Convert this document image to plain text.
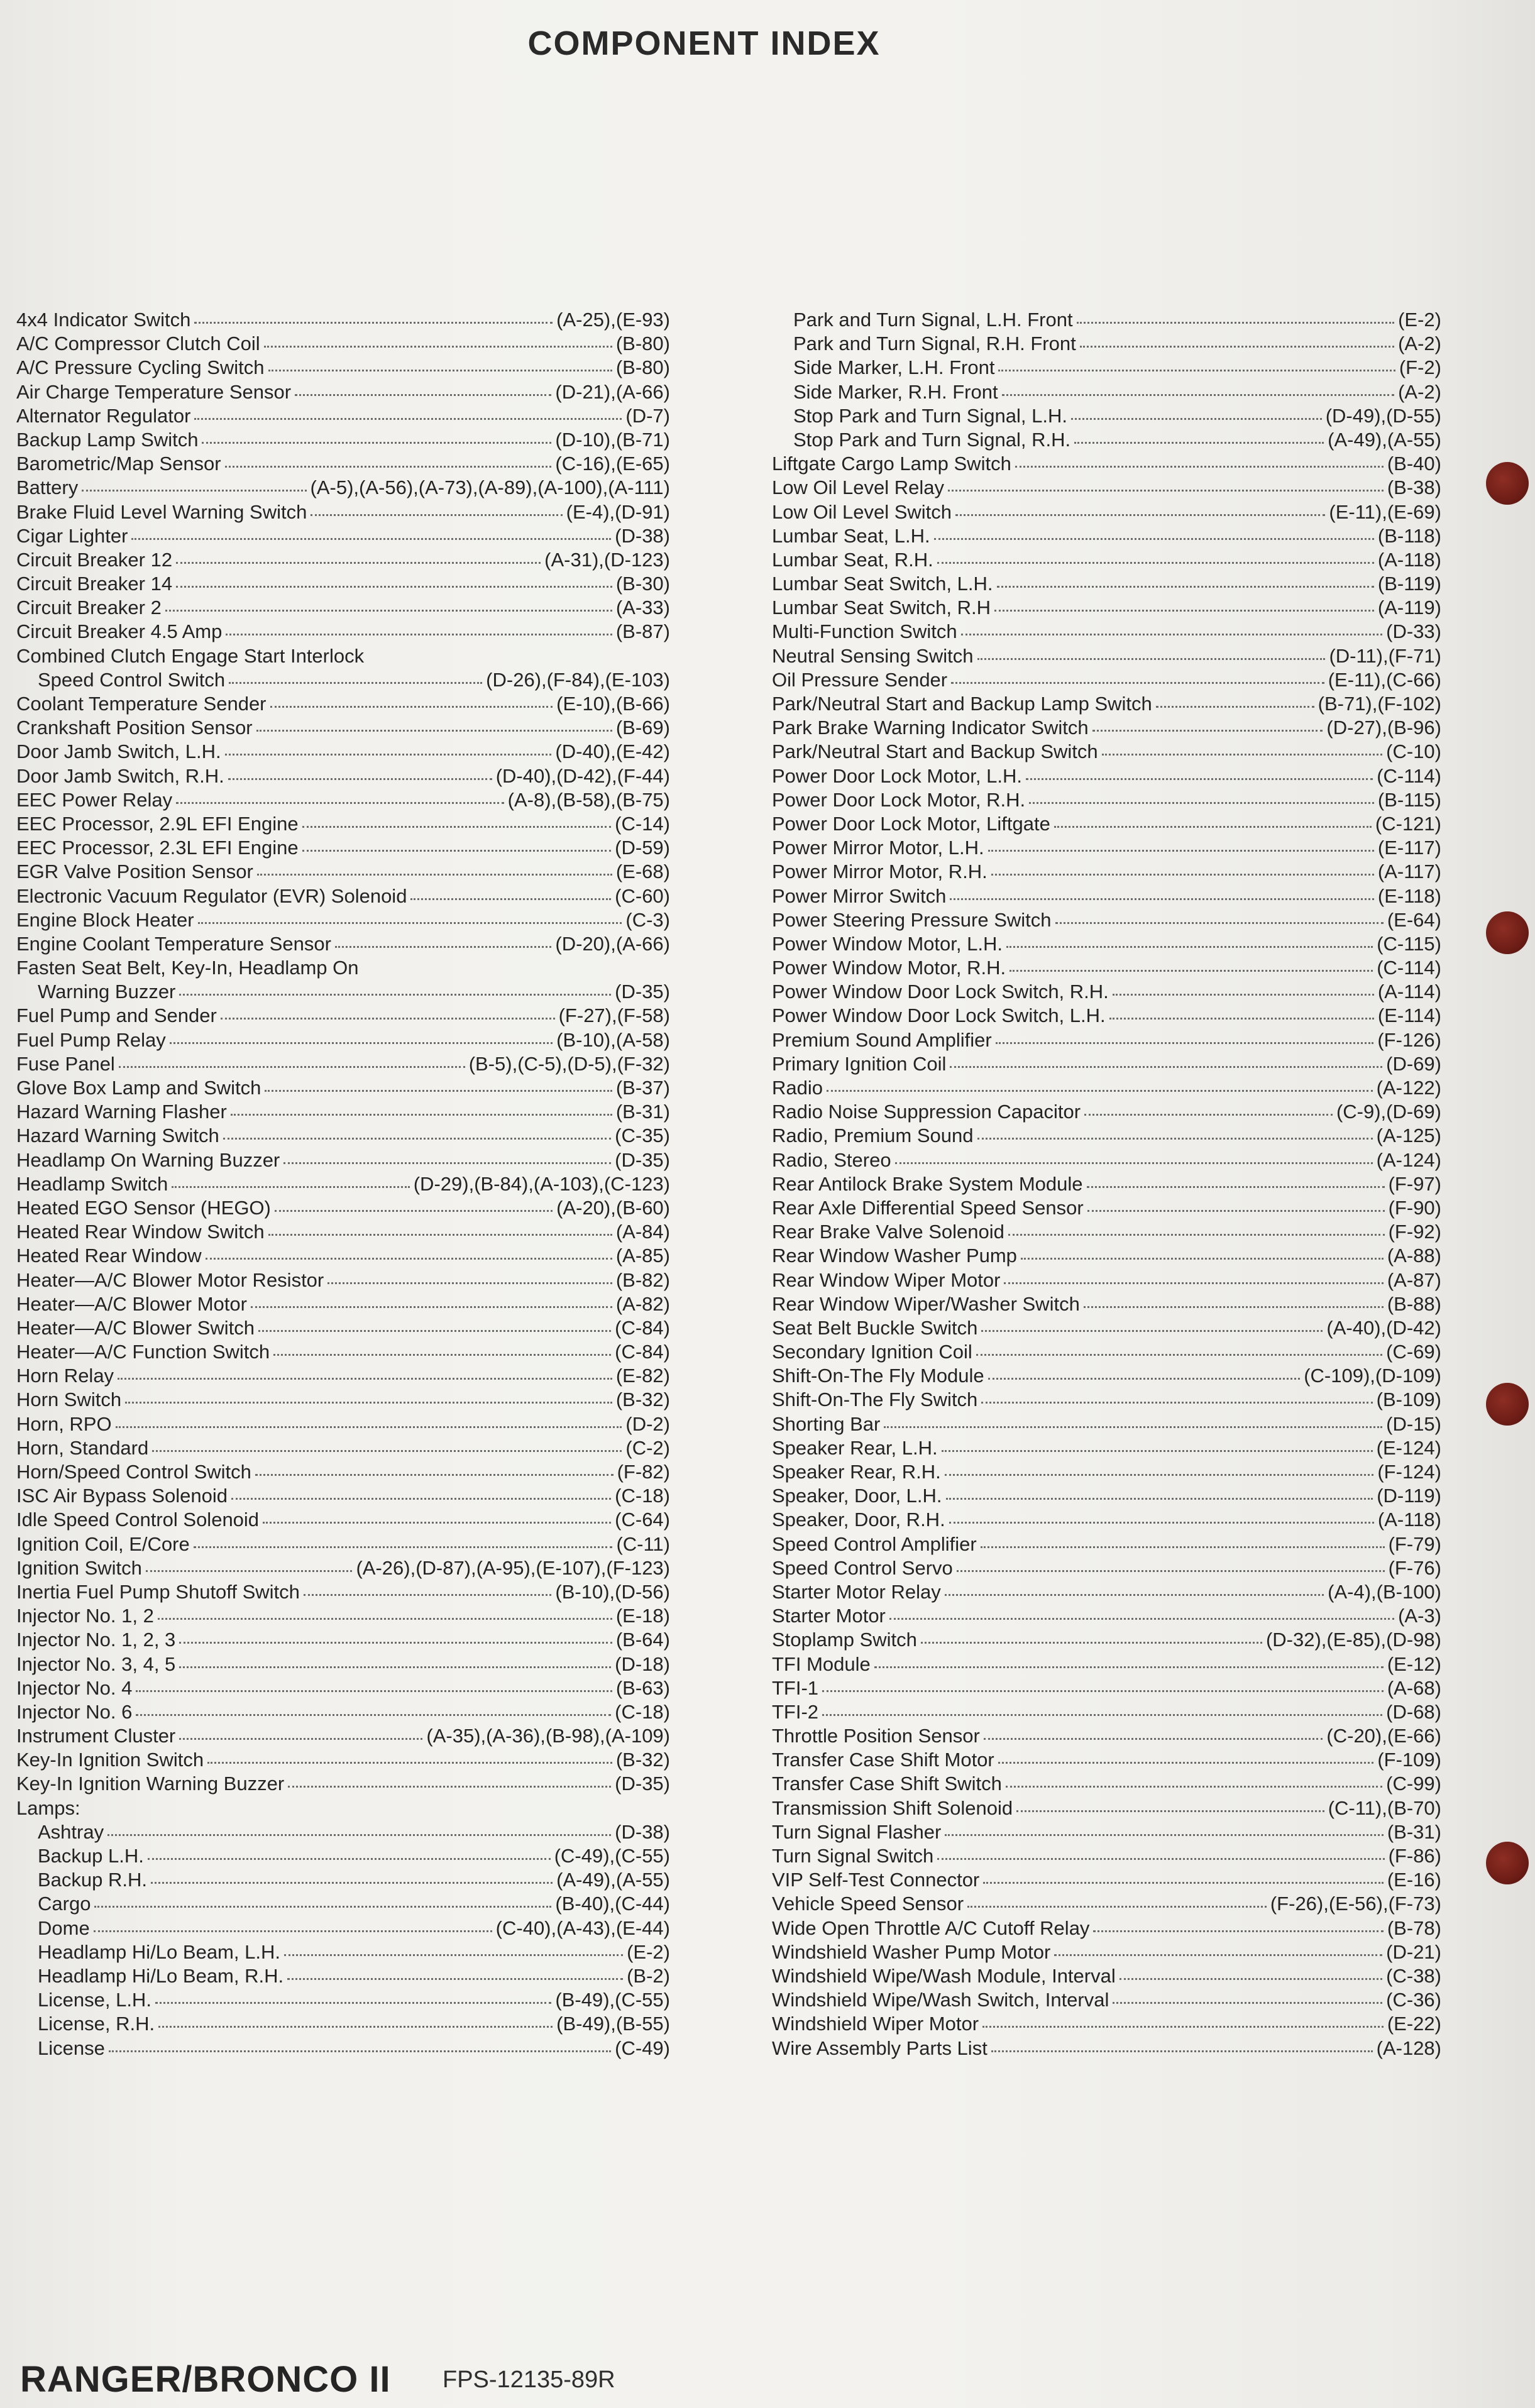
COMPONENT INDEX
4x4 Indicator Switch	(A-25),(E-93)
A/C Compressor Clutch Coil	(B-80)
A/C Pressure Cycling Switch	(B-80)
Air Charge Temperature Sensor	(D-21),(A-66)
Alternator Regulator	(D-7)
Backup Lamp Switch	(D-10),(B-71)
Barometric/Map Sensor	(C-16),(E-65)
Battery	(A-5),(A-56),(A-73),(A-89),(A-100),(A-111)
Brake Fluid Level Warning Switch	(E-4),(D-91)
Cigar Lighter	(D-38)
Circuit Breaker 12	(A-31),(D-123)
Circuit Breaker 14	(B-30)
Circuit Breaker 2	(A-33)
Circuit Breaker 4.5 Amp	(B-87)
Combined Clutch Engage Start Interlock
Speed Control Switch	(D-26),(F-84),(E-103)
Coolant Temperature Sender	(E-10),(B-66)
Crankshaft Position Sensor	(B-69)
Door Jamb Switch, L.H.	(D-40),(E-42)
Door Jamb Switch, R.H.	(D-40),(D-42),(F-44)
EEC Power Relay	(A-8),(B-58),(B-75)
EEC Processor, 2.9L EFI Engine	(C-14)
EEC Processor, 2.3L EFI Engine	(D-59)
EGR Valve Position Sensor	(E-68)
Electronic Vacuum Regulator (EVR) Solenoid	(C-60)
Engine Block Heater	(C-3)
Engine Coolant Temperature Sensor	(D-20),(A-66)
Fasten Seat Belt, Key-In, Headlamp On
Warning Buzzer	(D-35)
Fuel Pump and Sender	(F-27),(F-58)
Fuel Pump Relay	(B-10),(A-58)
Fuse Panel	(B-5),(C-5),(D-5),(F-32)
Glove Box Lamp and Switch	(B-37)
Hazard Warning Flasher	(B-31)
Hazard Warning Switch	(C-35)
Headlamp On Warning Buzzer	(D-35)
Headlamp Switch	(D-29),(B-84),(A-103),(C-123)
Heated EGO Sensor (HEGO)	(A-20),(B-60)
Heated Rear Window Switch	(A-84)
Heated Rear Window	(A-85)
Heater—A/C Blower Motor Resistor	(B-82)
Heater—A/C Blower Motor	(A-82)
Heater—A/C Blower Switch	(C-84)
Heater—A/C Function Switch	(C-84)
Horn Relay	(E-82)
Horn Switch	(B-32)
Horn, RPO	(D-2)
Horn, Standard	(C-2)
Horn/Speed Control Switch	(F-82)
ISC Air Bypass Solenoid	(C-18)
Idle Speed Control Solenoid	(C-64)
Ignition Coil, E/Core	(C-11)
Ignition Switch	(A-26),(D-87),(A-95),(E-107),(F-123)
Inertia Fuel Pump Shutoff Switch	(B-10),(D-56)
Injector No. 1, 2	(E-18)
Injector No. 1, 2, 3	(B-64)
Injector No. 3, 4, 5	(D-18)
Injector No. 4	(B-63)
Injector No. 6	(C-18)
Instrument Cluster	(A-35),(A-36),(B-98),(A-109)
Key-In Ignition Switch	(B-32)
Key-In Ignition Warning Buzzer	(D-35)
Lamps:
Ashtray	(D-38)
Backup L.H.	(C-49),(C-55)
Backup R.H.	(A-49),(A-55)
Cargo	(B-40),(C-44)
Dome	(C-40),(A-43),(E-44)
Headlamp Hi/Lo Beam, L.H.	(E-2)
Headlamp Hi/Lo Beam, R.H.	(B-2)
License, L.H.	(B-49),(C-55)
License, R.H.	(B-49),(B-55)
License	(C-49)
Park and Turn Signal, L.H. Front	(E-2)
Park and Turn Signal, R.H. Front	(A-2)
Side Marker, L.H. Front	(F-2)
Side Marker, R.H. Front	(A-2)
Stop Park and Turn Signal, L.H.	(D-49),(D-55)
Stop Park and Turn Signal, R.H.	(A-49),(A-55)
Liftgate Cargo Lamp Switch	(B-40)
Low Oil Level Relay	(B-38)
Low Oil Level Switch	(E-11),(E-69)
Lumbar Seat, L.H.	(B-118)
Lumbar Seat, R.H.	(A-118)
Lumbar Seat Switch, L.H.	(B-119)
Lumbar Seat Switch, R.H	(A-119)
Multi-Function Switch	(D-33)
Neutral Sensing Switch	(D-11),(F-71)
Oil Pressure Sender	(E-11),(C-66)
Park/Neutral Start and Backup Lamp Switch	(B-71),(F-102)
Park Brake Warning Indicator Switch	(D-27),(B-96)
Park/Neutral Start and Backup Switch	(C-10)
Power Door Lock Motor, L.H.	(C-114)
Power Door Lock Motor, R.H.	(B-115)
Power Door Lock Motor, Liftgate	(C-121)
Power Mirror Motor, L.H.	(E-117)
Power Mirror Motor, R.H.	(A-117)
Power Mirror Switch	(E-118)
Power Steering Pressure Switch	(E-64)
Power Window Motor, L.H.	(C-115)
Power Window Motor, R.H.	(C-114)
Power Window Door Lock Switch, R.H.	(A-114)
Power Window Door Lock Switch, L.H.	(E-114)
Premium Sound Amplifier	(F-126)
Primary Ignition Coil	(D-69)
Radio	(A-122)
Radio Noise Suppression Capacitor	(C-9),(D-69)
Radio, Premium Sound	(A-125)
Radio, Stereo	(A-124)
Rear Antilock Brake System Module	(F-97)
Rear Axle Differential Speed Sensor	(F-90)
Rear Brake Valve Solenoid	(F-92)
Rear Window Washer Pump	(A-88)
Rear Window Wiper Motor	(A-87)
Rear Window Wiper/Washer Switch	(B-88)
Seat Belt Buckle Switch	(A-40),(D-42)
Secondary Ignition Coil	(C-69)
Shift-On-The Fly Module	(C-109),(D-109)
Shift-On-The Fly Switch	(B-109)
Shorting Bar	(D-15)
Speaker Rear, L.H.	(E-124)
Speaker Rear, R.H.	(F-124)
Speaker, Door, L.H.	(D-119)
Speaker, Door, R.H.	(A-118)
Speed Control Amplifier	(F-79)
Speed Control Servo	(F-76)
Starter Motor Relay	(A-4),(B-100)
Starter Motor	(A-3)
Stoplamp Switch	(D-32),(E-85),(D-98)
TFI Module	(E-12)
TFI-1	(A-68)
TFI-2	(D-68)
Throttle Position Sensor	(C-20),(E-66)
Transfer Case Shift Motor	(F-109)
Transfer Case Shift Switch	(C-99)
Transmission Shift Solenoid	(C-11),(B-70)
Turn Signal Flasher	(B-31)
Turn Signal Switch	(F-86)
VIP Self-Test Connector	(E-16)
Vehicle Speed Sensor	(F-26),(E-56),(F-73)
Wide Open Throttle A/C Cutoff Relay	(B-78)
Windshield Washer Pump Motor	(D-21)
Windshield Wipe/Wash Module, Interval	(C-38)
Windshield Wipe/Wash Switch, Interval	(C-36)
Windshield Wiper Motor	(E-22)
Wire Assembly Parts List	(A-128)
RANGER/BRONCO II FPS-12135-89R
